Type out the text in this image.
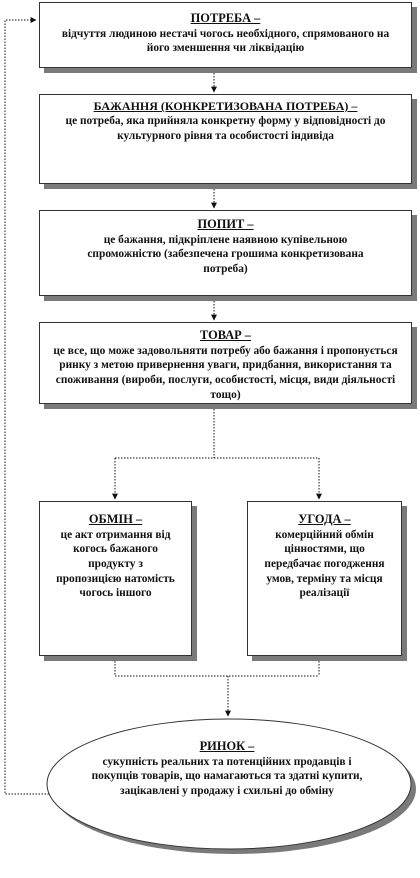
ПОТРЕБА –
відчуття людиною нестачі чогось необхідного, спрямованого на його зменшення чи ліквідацію
БАЖАННЯ (КОНКРЕТИЗОВАНА ПОТРЕБА) –
це потреба, яка прийняла конкретну форму у відповідності до культурного рівня та особистості індивіда
ПОПИТ –
це бажання, підкріплене наявною купівельною спроможністю (забезпечена грошима конкретизована потреба)
ТОВАР –
це все, що може задовольняти потребу або бажання і пропонується ринку з метою привернення уваги, придбання, використання та споживання (вироби, послуги, особистості, місця, види діяльності тощо)
ОБМІН –
це акт отримання від когось бажаного продукту з пропозицією натомість чогось іншого
УГОДА –
комерційний обмін цінностями, що передбачає погодження умов, терміну та місця реалізації
РИНОК –
сукупність реальних та потенційних продавців і покупців товарів, що намагаються та здатні купити, зацікавлені у продажу і схильні до обміну
